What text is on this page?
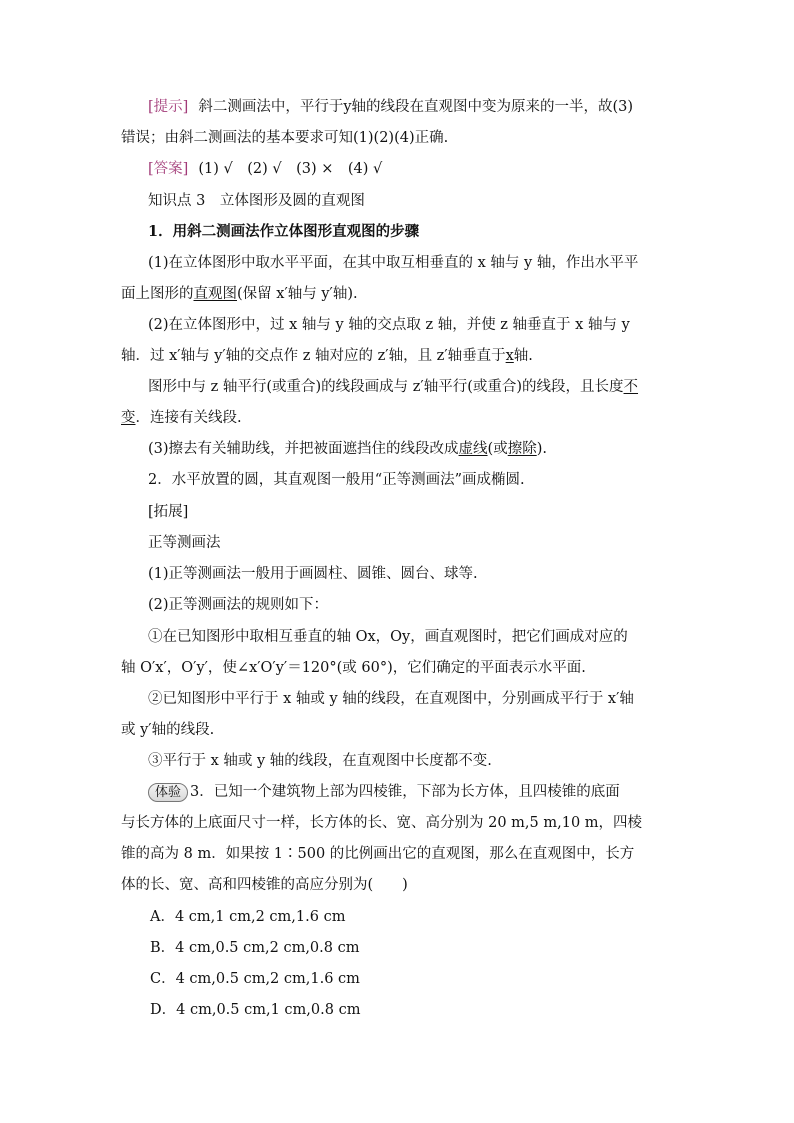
[提示] 斜二测画法中，平行于y轴的线段在直观图中变为原来的一半，故(3)
错误；由斜二测画法的基本要求可知(1)(2)(4)正确.
[答案] (1) √　(2) √　(3) ×　(4) √
知识点 3　立体图形及圆的直观图
1．用斜二测画法作立体图形直观图的步骤
(1)在立体图形中取水平平面，在其中取互相垂直的 x 轴与 y 轴，作出水平平
面上图形的直观图(保留 x′轴与 y′轴).
(2)在立体图形中，过 x 轴与 y 轴的交点取 z 轴，并使 z 轴垂直于 x 轴与 y
轴．过 x′轴与 y′轴的交点作 z 轴对应的 z′轴，且 z′轴垂直于x轴.
图形中与 z 轴平行(或重合)的线段画成与 z′轴平行(或重合)的线段，且长度不
变．连接有关线段.
(3)擦去有关辅助线，并把被面遮挡住的线段改成虚线(或擦除).
2．水平放置的圆，其直观图一般用“正等测画法”画成椭圆.
[拓展]
正等测画法
(1)正等测画法一般用于画圆柱、圆锥、圆台、球等.
(2)正等测画法的规则如下：
①在已知图形中取相互垂直的轴 Ox，Oy，画直观图时，把它们画成对应的
轴 O′x′，O′y′，使∠x′O′y′＝120°(或 60°)，它们确定的平面表示水平面.
②已知图形中平行于 x 轴或 y 轴的线段，在直观图中，分别画成平行于 x′轴
或 y′轴的线段.
③平行于 x 轴或 y 轴的线段，在直观图中长度都不变.
体验 3．已知一个建筑物上部为四棱锥，下部为长方体，且四棱锥的底面
与长方体的上底面尺寸一样，长方体的长、宽、高分别为 20 m,5 m,10 m，四棱
锥的高为 8 m．如果按 1∶500 的比例画出它的直观图，那么在直观图中，长方
体的长、宽、高和四棱锥的高应分别为(　　)
A．4 cm,1 cm,2 cm,1.6 cm
B．4 cm,0.5 cm,2 cm,0.8 cm
C．4 cm,0.5 cm,2 cm,1.6 cm
D．4 cm,0.5 cm,1 cm,0.8 cm
